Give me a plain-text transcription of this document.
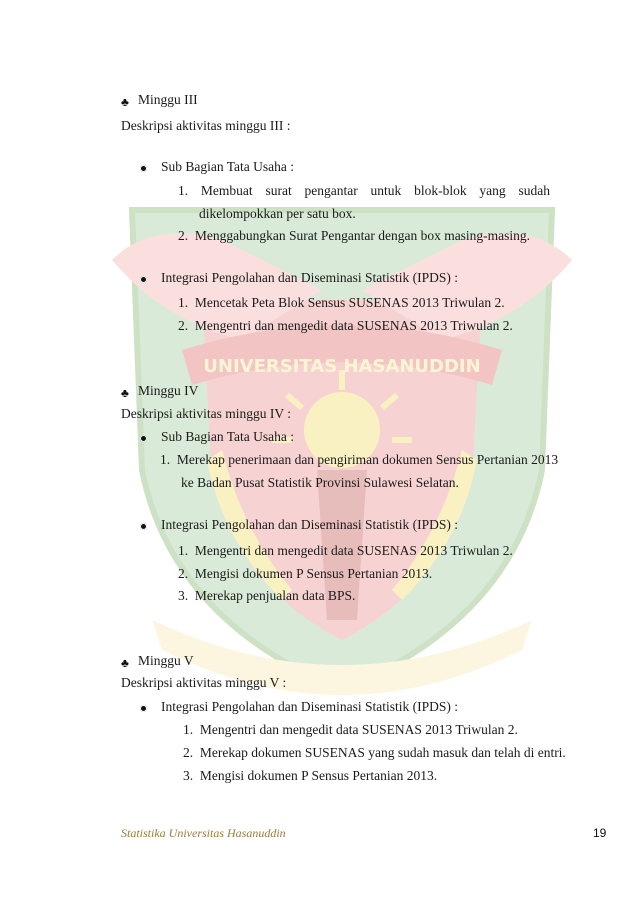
UNIVERSITAS HASANUDDIN
♣ Minggu III
Deskripsi aktivitas minggu III :
Sub Bagian Tata Usaha :
1. Membuat surat pengantar untuk blok-blok yang sudah
dikelompokkan per satu box.
2.  Menggabungkan Surat Pengantar dengan box masing-masing.
Integrasi Pengolahan dan Diseminasi Statistik (IPDS) :
1.  Mencetak Peta Blok Sensus SUSENAS 2013 Triwulan 2.
2.  Mengentri dan mengedit data SUSENAS 2013 Triwulan 2.
♣ Minggu IV
Deskripsi aktivitas minggu IV :
Sub Bagian Tata Usaha :
1.  Merekap penerimaan dan pengiriman dokumen Sensus Pertanian 2013
ke Badan Pusat Statistik Provinsi Sulawesi Selatan.
Integrasi Pengolahan dan Diseminasi Statistik (IPDS) :
1.  Mengentri dan mengedit data SUSENAS 2013 Triwulan 2.
2.  Mengisi dokumen P Sensus Pertanian 2013.
3.  Merekap penjualan data BPS.
♣ Minggu V
Deskripsi aktivitas minggu V :
Integrasi Pengolahan dan Diseminasi Statistik (IPDS) :
1.  Mengentri dan mengedit data SUSENAS 2013 Triwulan 2.
2.  Merekap dokumen SUSENAS yang sudah masuk dan telah di entri.
3.  Mengisi dokumen P Sensus Pertanian 2013.
Statistika Universitas Hasanuddin	19
